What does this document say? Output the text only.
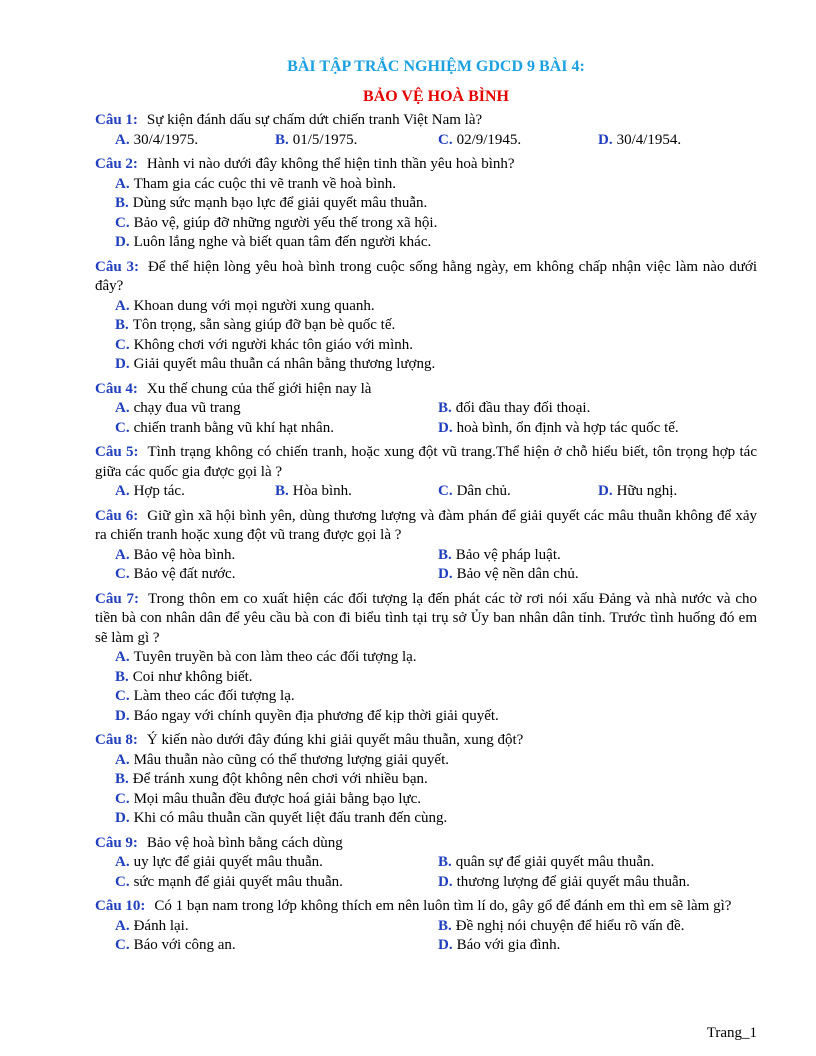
BÀI TẬP TRẮC NGHIỆM GDCD 9 BÀI 4:
BẢO VỆ HOÀ BÌNH
Câu 1: Sự kiện đánh dấu sự chấm dứt chiến tranh Việt Nam là?
A. 30/4/1975.	B. 01/5/1975.	C. 02/9/1945.	D. 30/4/1954.
Câu 2: Hành vi nào dưới đây không thể hiện tinh thần yêu hoà bình?
A. Tham gia các cuộc thi vẽ tranh về hoà bình.
B. Dùng sức mạnh bạo lực để giải quyết mâu thuẫn.
C. Bảo vệ, giúp đỡ những người yếu thế trong xã hội.
D. Luôn lắng nghe và biết quan tâm đến người khác.
Câu 3: Để thể hiện lòng yêu hoà bình trong cuộc sống hằng ngày, em không chấp nhận việc làm nào dưới đây?
A. Khoan dung với mọi người xung quanh.
B. Tôn trọng, sẵn sàng giúp đỡ bạn bè quốc tế.
C. Không chơi với người khác tôn giáo với mình.
D. Giải quyết mâu thuẫn cá nhân bằng thương lượng.
Câu 4: Xu thế chung của thế giới hiện nay là
A. chạy đua vũ trang	B. đối đầu thay đối thoại.
C. chiến tranh bằng vũ khí hạt nhân.	D. hoà bình, ổn định và hợp tác quốc tế.
Câu 5: Tình trạng không có chiến tranh, hoặc xung đột vũ trang.Thể hiện ở chỗ hiểu biết, tôn trọng hợp tác giữa các quốc gia được gọi là ?
A. Hợp tác.	B. Hòa bình.	C. Dân chủ.	D. Hữu nghị.
Câu 6: Giữ gìn xã hội bình yên, dùng thương lượng và đàm phán để giải quyết các mâu thuẫn không để xảy ra chiến tranh hoặc xung đột vũ trang được gọi là ?
A. Bảo vệ hòa bình.	B. Bảo vệ pháp luật.
C. Bảo vệ đất nước.	D. Bảo vệ nền dân chủ.
Câu 7: Trong thôn em co xuất hiện các đối tượng lạ đến phát các tờ rơi nói xấu Đảng và nhà nước và cho tiền bà con nhân dân để yêu cầu bà con đi biểu tình tại trụ sở Ủy ban nhân dân tỉnh. Trước tình huống đó em sẽ làm gì ?
A. Tuyên truyền bà con làm theo các đối tượng lạ.
B. Coi như không biết.
C. Làm theo các đối tượng lạ.
D. Báo ngay với chính quyền địa phương để kịp thời giải quyết.
Câu 8: Ý kiến nào dưới đây đúng khi giải quyết mâu thuẫn, xung đột?
A. Mâu thuẫn nào cũng có thể thương lượng giải quyết.
B. Để tránh xung đột không nên chơi với nhiều bạn.
C. Mọi mâu thuẫn đều được hoá giải bằng bạo lực.
D. Khi có mâu thuẫn cần quyết liệt đấu tranh đến cùng.
Câu 9: Bảo vệ hoà bình bằng cách dùng
A. uy lực để giải quyết mâu thuẫn.	B. quân sự để giải quyết mâu thuẫn.
C. sức mạnh để giải quyết mâu thuẫn.	D. thương lượng để giải quyết mâu thuẫn.
Câu 10: Có 1 bạn nam trong lớp không thích em nên luôn tìm lí do, gây gổ để đánh em thì em sẽ làm gì?
A. Đánh lại.	B. Đề nghị nói chuyện để hiểu rõ vấn đề.
C. Báo với công an.	D. Báo với gia đình.
Trang_1
